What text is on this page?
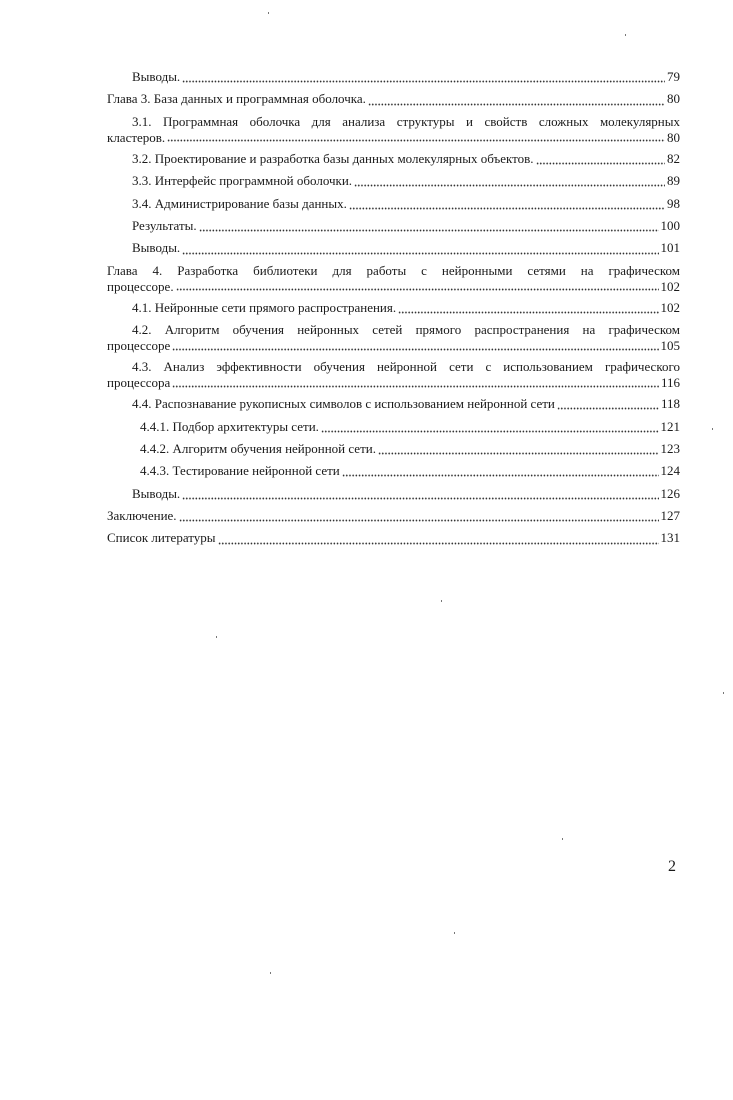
Выводы.	79
Глава 3. База данных и программная оболочка.	80
3.1. Программная оболочка для анализа структуры и свойств сложных молекулярных
кластеров.	80
3.2. Проектирование и разработка базы данных молекулярных объектов.	82
3.3. Интерфейс программной оболочки.	89
3.4. Администрирование базы данных.	98
Результаты.	100
Выводы.	101
Глава 4. Разработка библиотеки для работы с нейронными сетями на графическом
процессоре.	102
4.1. Нейронные сети прямого распространения.	102
4.2. Алгоритм обучения нейронных сетей прямого распространения на графическом
процессоре	105
4.3. Анализ эффективности обучения нейронной сети с использованием графического
процессора	116
4.4. Распознавание рукописных символов с использованием нейронной сети	118
4.4.1. Подбор архитектуры сети.	121
4.4.2. Алгоритм обучения нейронной сети.	123
4.4.3. Тестирование нейронной сети	124
Выводы.	126
Заключение.	127
Список литературы	131
2
